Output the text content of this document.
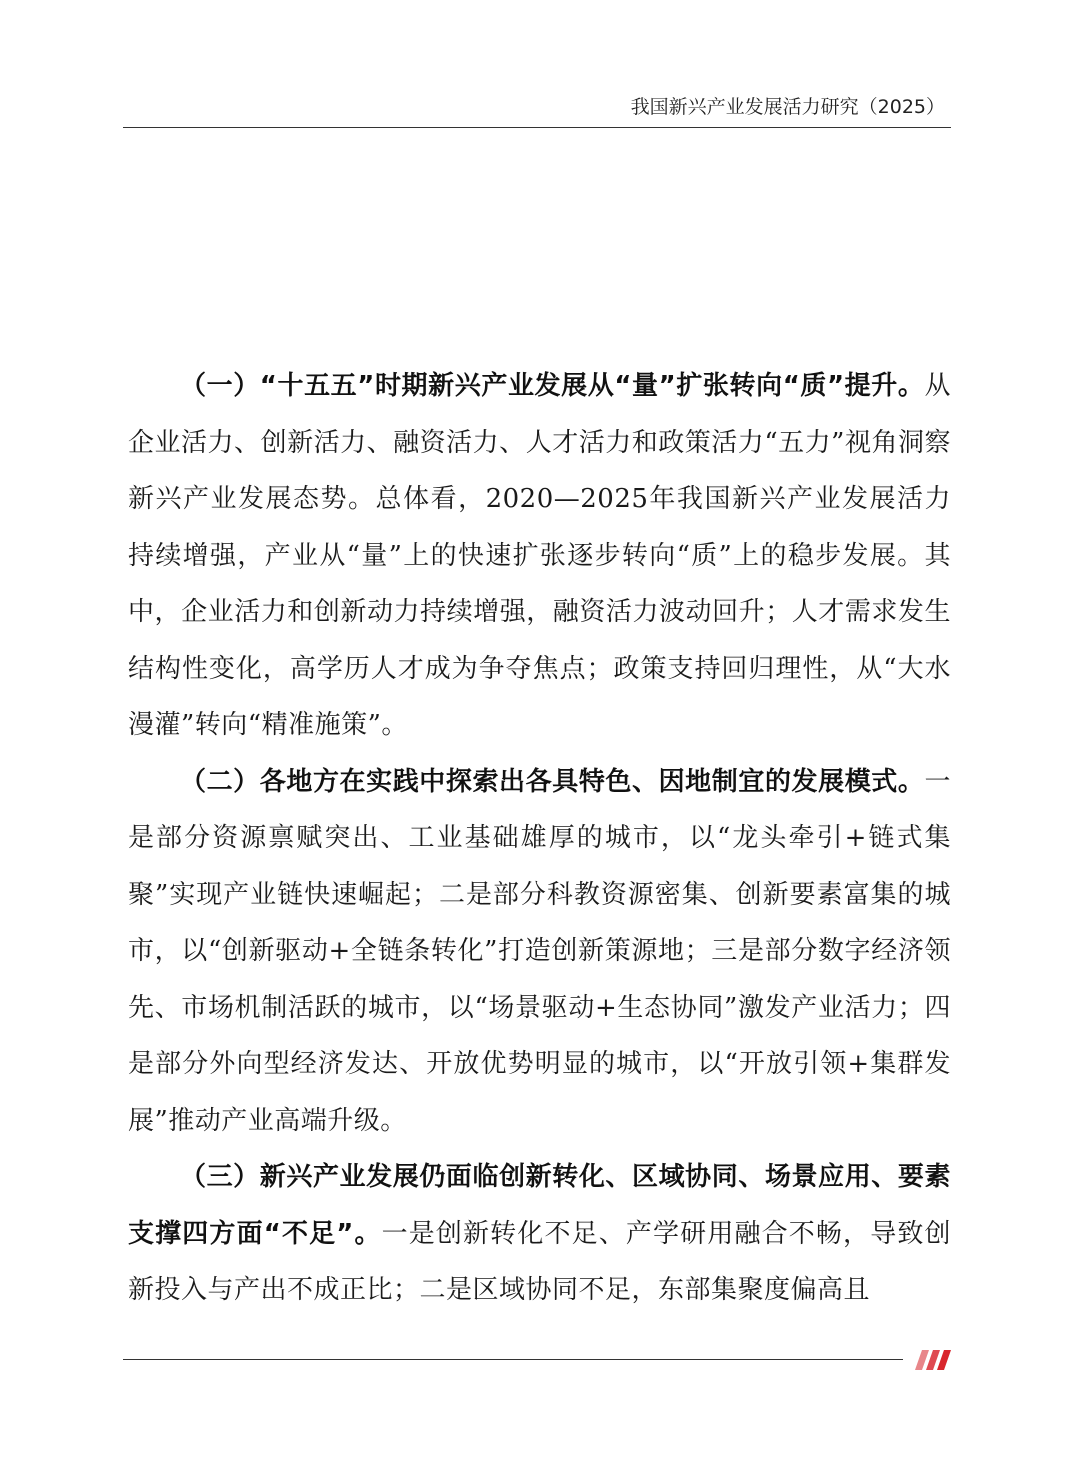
我国新兴产业发展活力研究（2025）

（一）“十五五”时期新兴产业发展从“量”扩张转向“质”提升。从企业活力、创新活力、融资活力、人才活力和政策活力“五力”视角洞察新兴产业发展态势。总体看，2020—2025年我国新兴产业发展活力持续增强，产业从“量”上的快速扩张逐步转向“质”上的稳步发展。其中，企业活力和创新动力持续增强，融资活力波动回升；人才需求发生结构性变化，高学历人才成为争夺焦点；政策支持回归理性，从“大水漫灌”转向“精准施策”。

（二）各地方在实践中探索出各具特色、因地制宜的发展模式。一是部分资源禀赋突出、工业基础雄厚的城市，以“龙头牵引+链式集聚”实现产业链快速崛起；二是部分科教资源密集、创新要素富集的城市，以“创新驱动+全链条转化”打造创新策源地；三是部分数字经济领先、市场机制活跃的城市，以“场景驱动+生态协同”激发产业活力；四是部分外向型经济发达、开放优势明显的城市，以“开放引领+集群发展”推动产业高端升级。

（三）新兴产业发展仍面临创新转化、区域协同、场景应用、要素支撑四方面“不足”。一是创新转化不足、产学研用融合不畅，导致创新投入与产出不成正比；二是区域协同不足，东部集聚度偏高且
